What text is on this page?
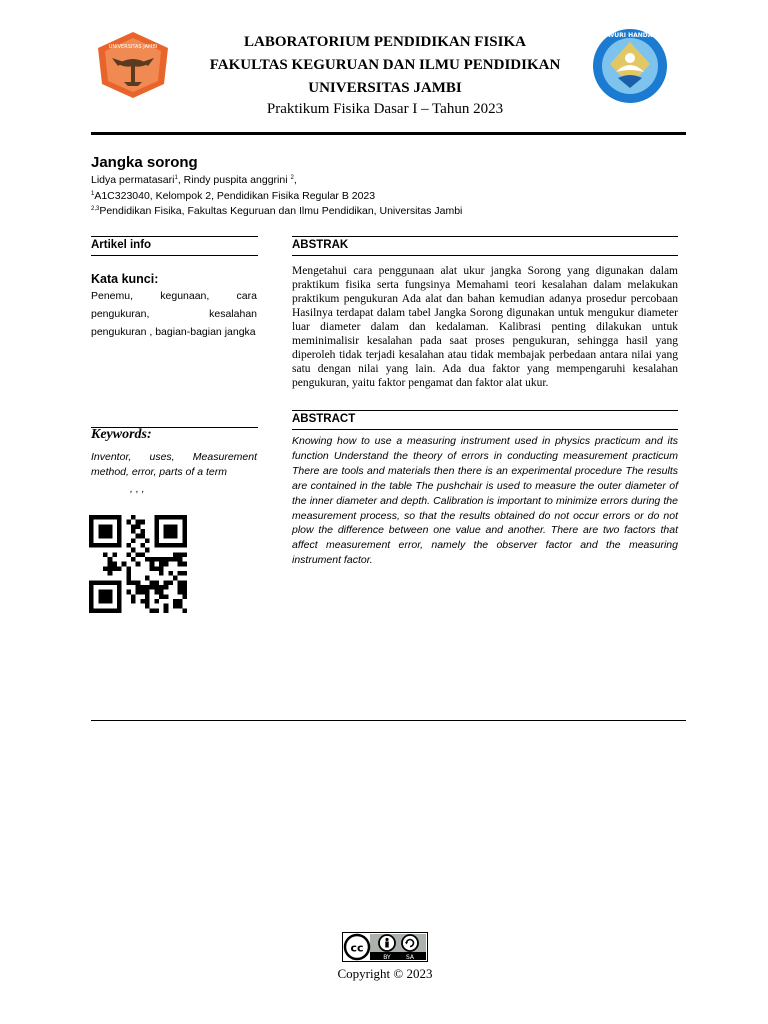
UNIVERSITAS JAMBI
TUT WURI HANDAYANI
LABORATORIUM PENDIDIKAN FISIKA
FAKULTAS KEGURUAN DAN ILMU PENDIDIKAN
UNIVERSITAS JAMBI
Praktikum Fisika Dasar I – Tahun 2023
Jangka sorong
Lidya permatasari$^1$, Rindy puspita anggrini $^2$,
$^1$A1C323040, Kelompok 2, Pendidikan Fisika Regular B 2023
$^{2,3}$Pendidikan Fisika, Fakultas Keguruan dan Ilmu Pendidikan, Universitas Jambi
Artikel info	ABSTRAK
Kata kunci:
Penemu, kegunaan, cara pengukuran, kesalahan pengukuran , bagian-bagian jangka
Mengetahui cara penggunaan alat ukur jangka Sorong yang digunakan dalam praktikum fisika serta fungsinya Memahami teori kesalahan dalam melakukan praktikum pengukuran Ada alat dan bahan kemudian adanya prosedur percobaan Hasilnya terdapat dalam tabel Jangka Sorong digunakan untuk mengukur diameter luar diameter dalam dan kedalaman. Kalibrasi penting dilakukan untuk meminimalisir kesalahan pada saat proses pengukuran, sehingga hasil yang diperoleh tidak terjadi kesalahan atau tidak membajak perbedaan antara nilai yang satu dengan nilai yang lain. Ada dua faktor yang mempengaruhi kesalahan pengukuran, yaitu faktor pengamat dan faktor alat ukur.
ABSTRACT
Keywords:
Inventor, uses, Measurement method, error, parts of a term
, , ,
Knowing how to use a measuring instrument used in physics practicum and its function Understand the theory of errors in conducting measurement practicum There are tools and materials then there is an experimental procedure The results are contained in the table The pushchair is used to measure the outer diameter of the inner diameter and depth. Calibration is important to minimize errors during the measurement process, so that the results obtained do not occur errors or do not plow the difference between one value and another. There are two factors that affect measurement error, namely the observer factor and the measuring instrument factor.
cc
BY	SA
Copyright © 2023
